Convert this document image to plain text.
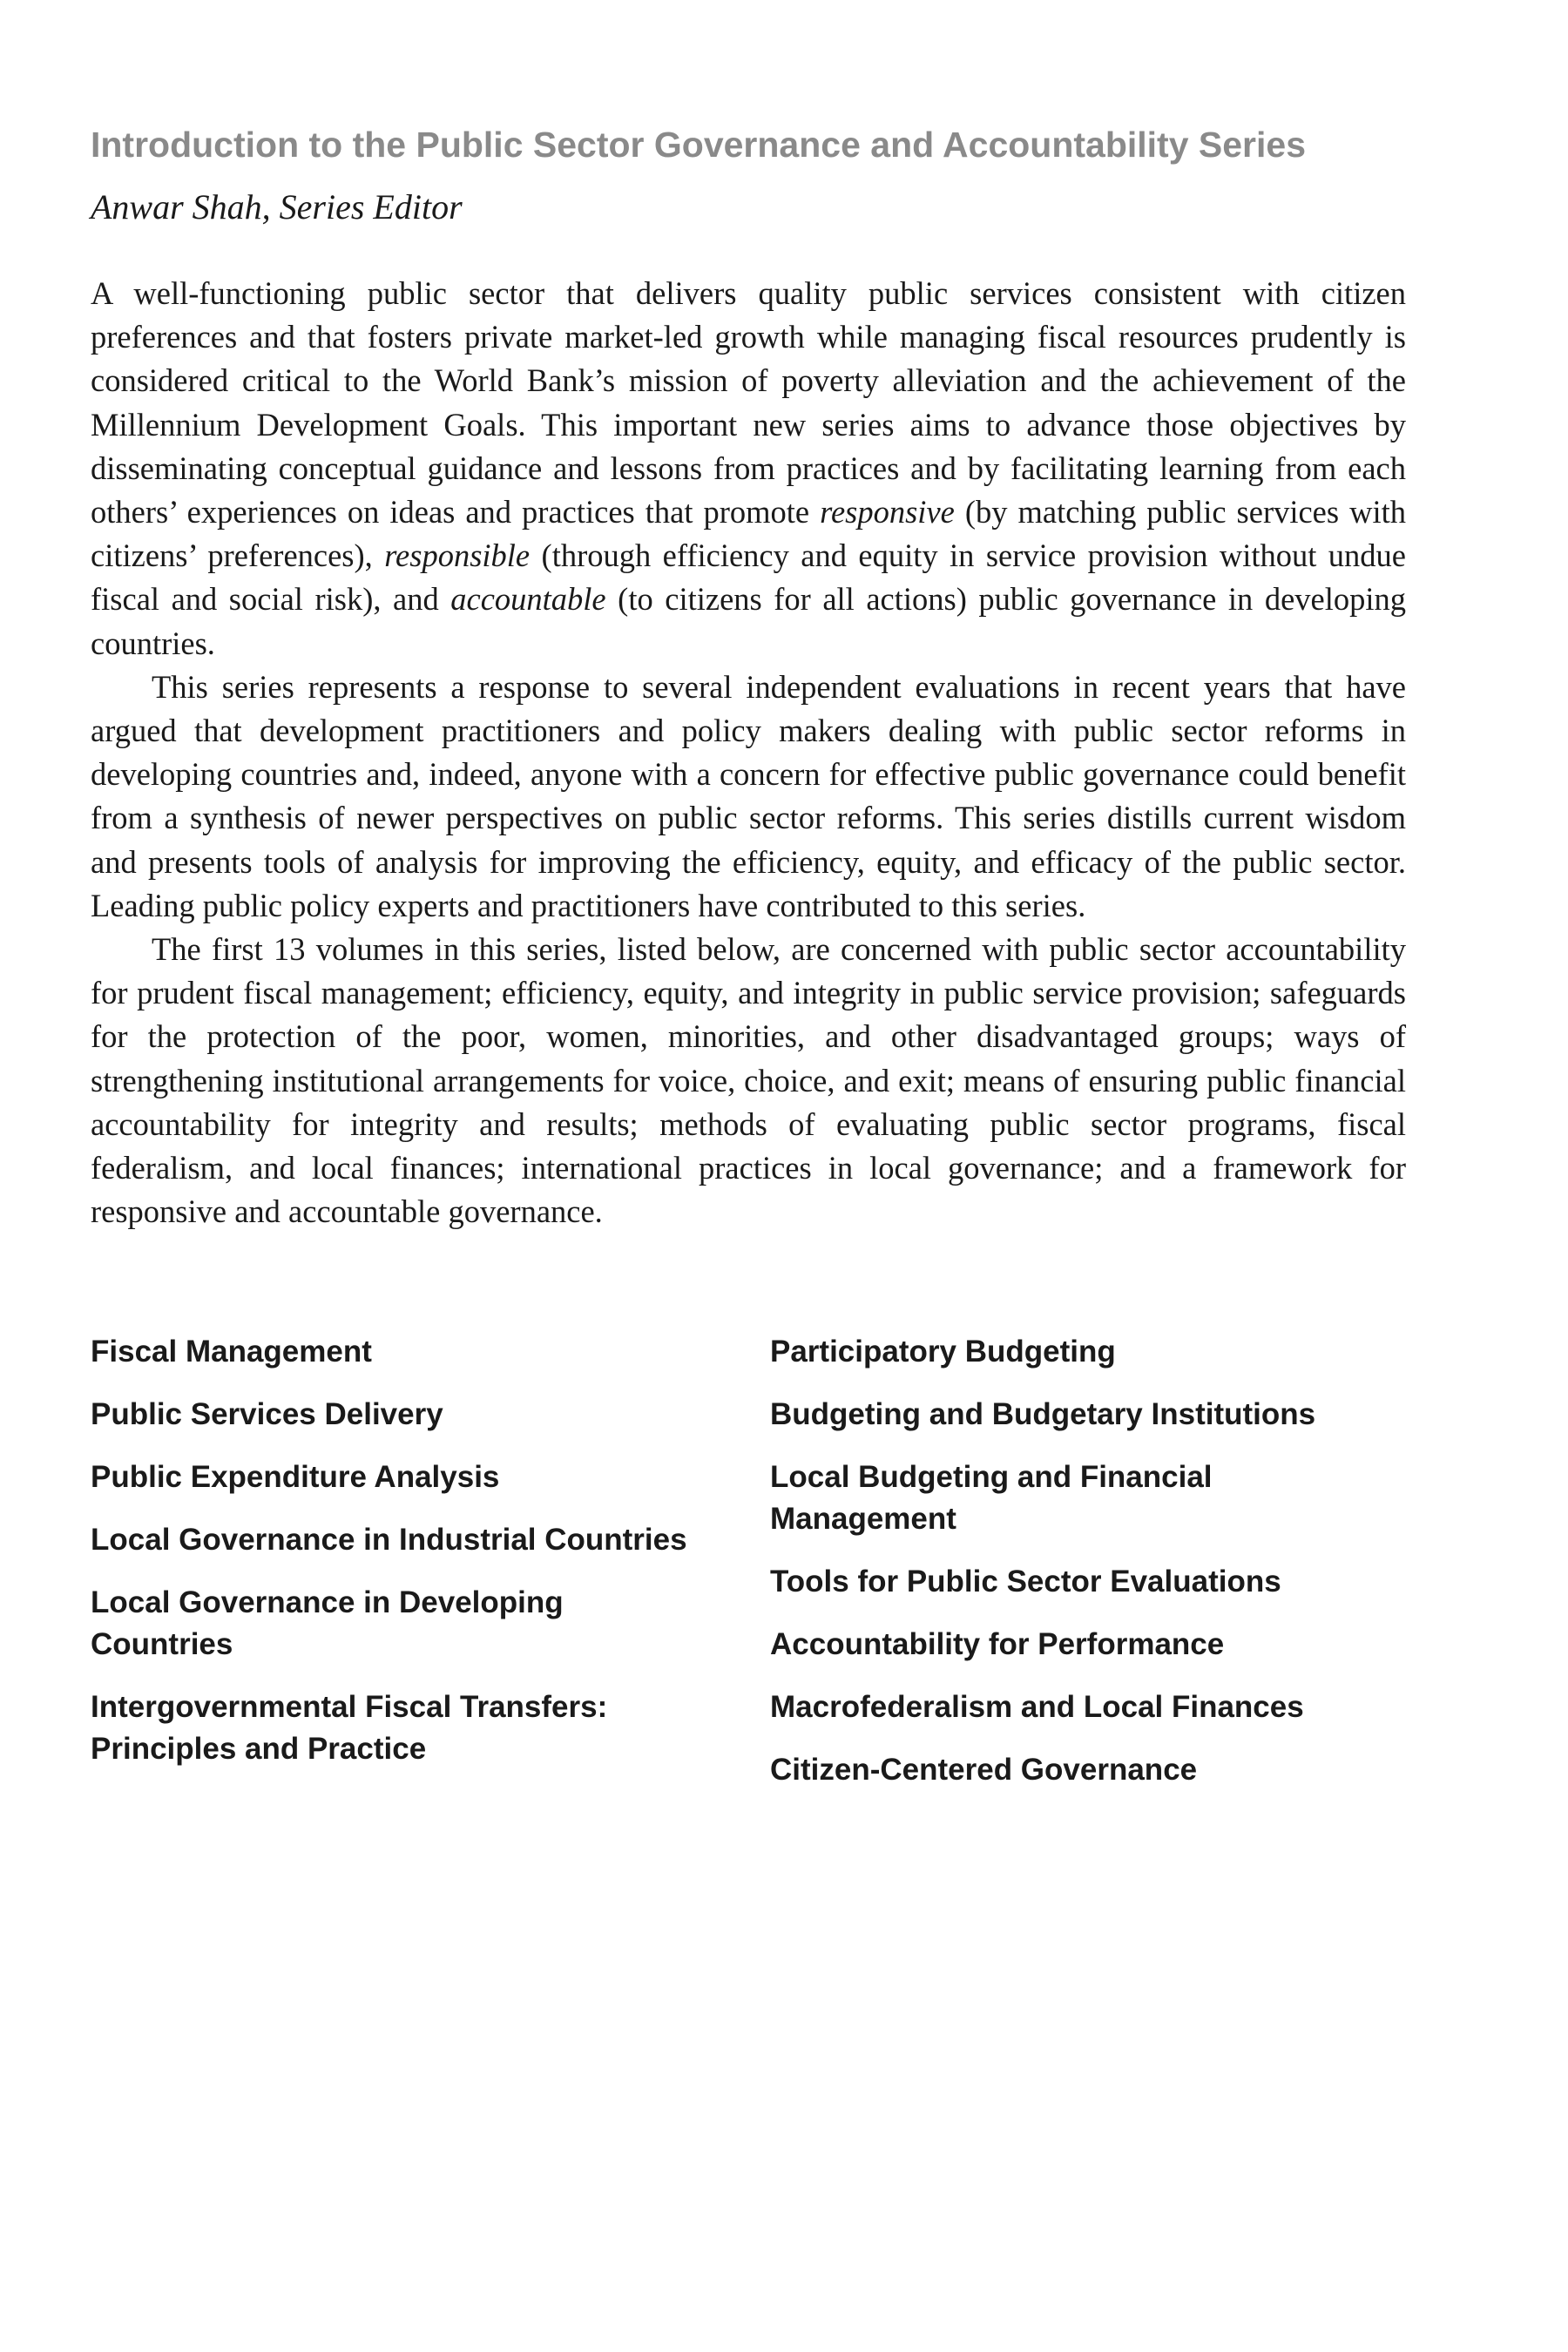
Introduction to the Public Sector Governance and Accountability Series
Anwar Shah, Series Editor

A well-functioning public sector that delivers quality public services consistent with citizen preferences and that fosters private market-led growth while managing fiscal resources prudently is considered critical to the World Bank’s mission of poverty alleviation and the achievement of the Millennium Development Goals. This important new series aims to advance those objectives by disseminating conceptual guidance and lessons from practices and by facilitating learning from each others’ experiences on ideas and practices that promote responsive (by matching public services with citizens’ preferences), responsible (through efficiency and equity in service provision without undue fiscal and social risk), and accountable (to citizens for all actions) public governance in developing countries.

This series represents a response to several independent evaluations in recent years that have argued that development practitioners and policy makers dealing with public sector reforms in developing countries and, indeed, anyone with a concern for effective public governance could benefit from a synthesis of newer perspectives on public sector reforms. This series distills current wisdom and presents tools of analysis for improving the efficiency, equity, and efficacy of the public sector. Leading public policy experts and practitioners have contributed to this series.

The first 13 volumes in this series, listed below, are concerned with public sector accountability for prudent fiscal management; efficiency, equity, and integrity in public service provision; safeguards for the protection of the poor, women, minorities, and other disadvantaged groups; ways of strengthening institutional arrangements for voice, choice, and exit; means of ensuring public financial accountability for integrity and results; methods of evaluating public sector programs, fiscal federalism, and local finances; international practices in local governance; and a framework for responsive and accountable governance.

Fiscal Management
Public Services Delivery
Public Expenditure Analysis
Local Governance in Industrial Countries
Local Governance in Developing Countries
Intergovernmental Fiscal Transfers: Principles and Practice
Participatory Budgeting
Budgeting and Budgetary Institutions
Local Budgeting and Financial Management
Tools for Public Sector Evaluations
Accountability for Performance
Macrofederalism and Local Finances
Citizen-Centered Governance
